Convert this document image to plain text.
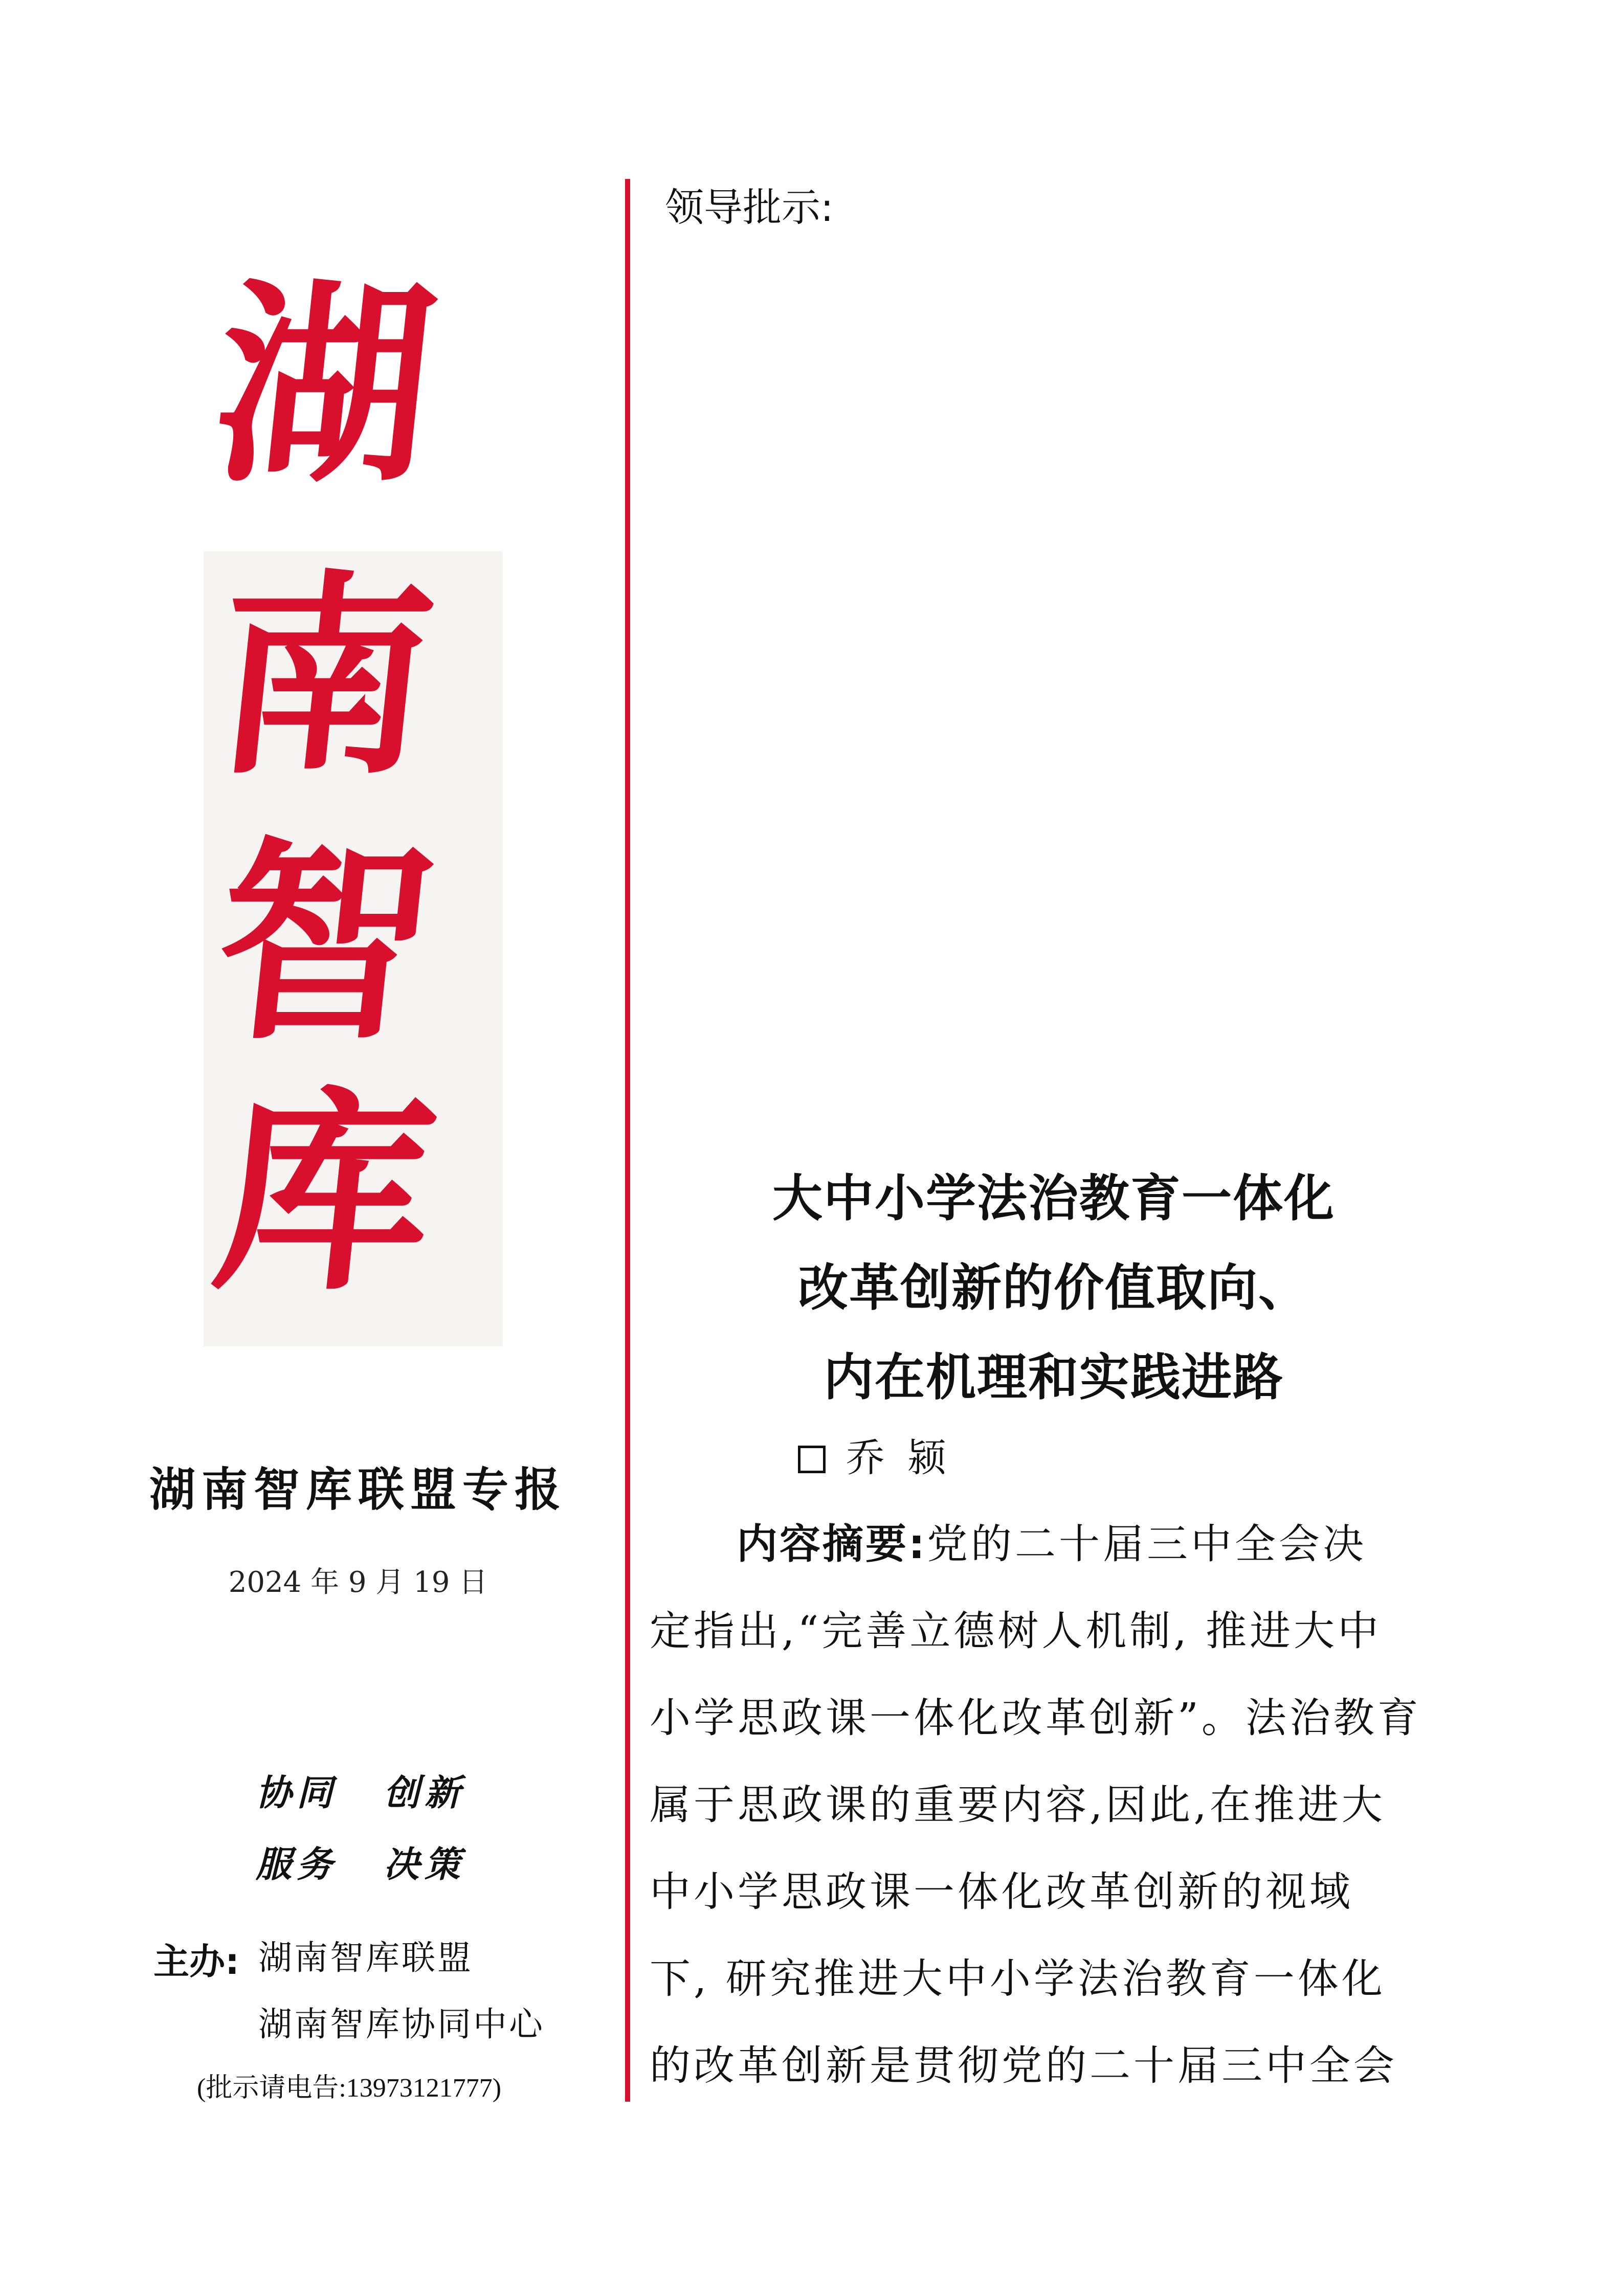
湖
南
智
库
湖南智库联盟专报
2024 年 9 月 19 日
协同 创新
服务 决策
主办: 湖南智库联盟
湖南智库协同中心
(批示请电告:13973121777)
领导批示:
大中小学法治教育一体化
改革创新的价值取向、
内在机理和实践进路
乔 颍
内容摘要:党的二十届三中全会决
定指出,“完善立德树人机制, 推进大中
小学思政课一体化改革创新”。法治教育
属于思政课的重要内容,因此,在推进大
中小学思政课一体化改革创新的视域
下, 研究推进大中小学法治教育一体化
的改革创新是贯彻党的二十届三中全会
